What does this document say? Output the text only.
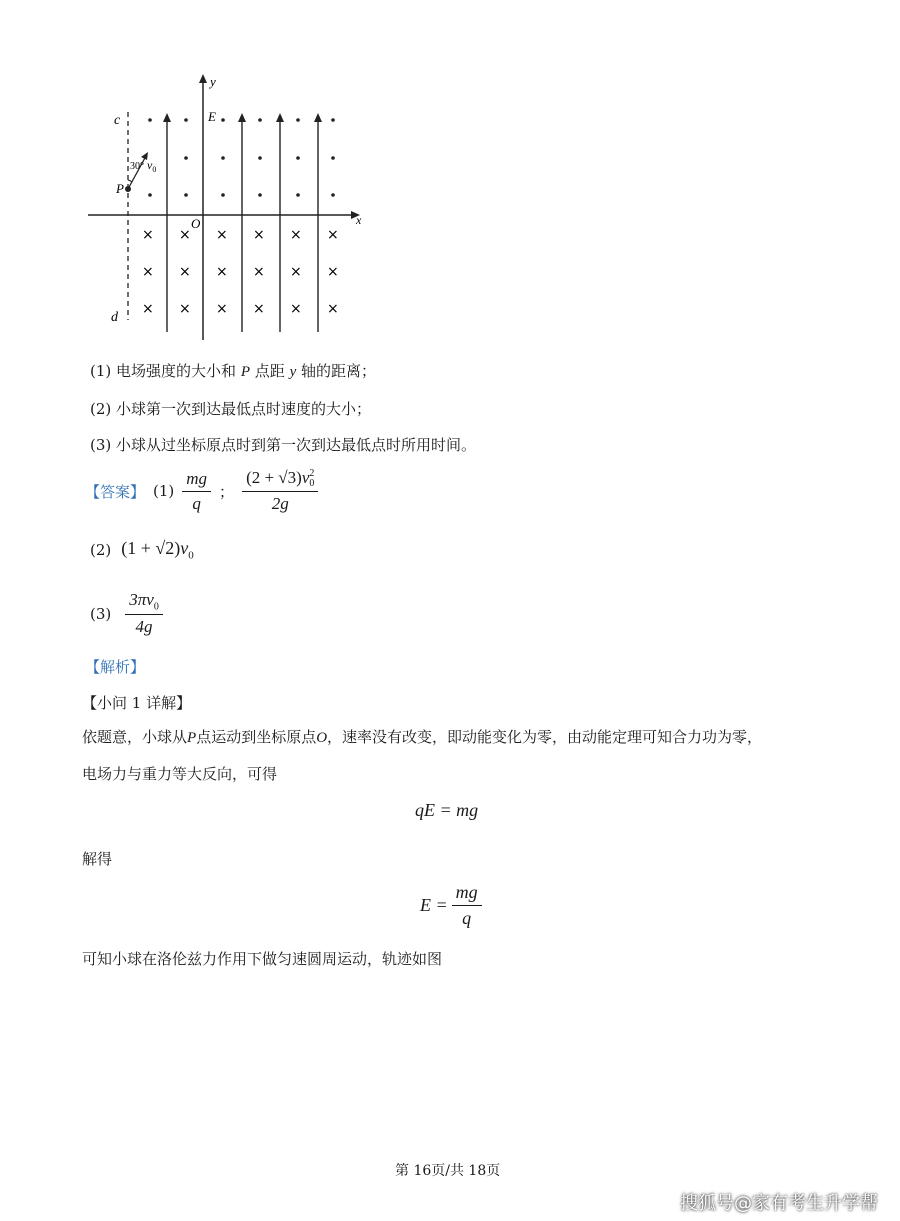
x
y
O
E
c
d
P
30° $v_0$
× × × × × ×
× × × × × ×
× × × × × ×
(1) 电场强度的大小和 P 点距 y 轴的距离；
(2) 小球第一次到达最低点时速度的大小；
(3) 小球从过坐标原点时到第一次到达最低点时所用时间。
【答案】 $(1) \frac{mg}{q}$ ； (2 + √3)v 2
0
2g
(2) $(1 + √2)v_0$
$(3) \frac{3\pi v_0}{4g}$
【解析】
【小问 1 详解】
依题意，小球从P点运动到坐标原点O，速率没有改变，即动能变化为零，由动能定理可知合力功为零，
电场力与重力等大反向，可得
qE = mg
解得
$E = \frac{mg}{q}$
可知小球在洛伦兹力作用下做匀速圆周运动，轨迹如图
第 16页/共 18页
搜狐号@家有考生升学帮
